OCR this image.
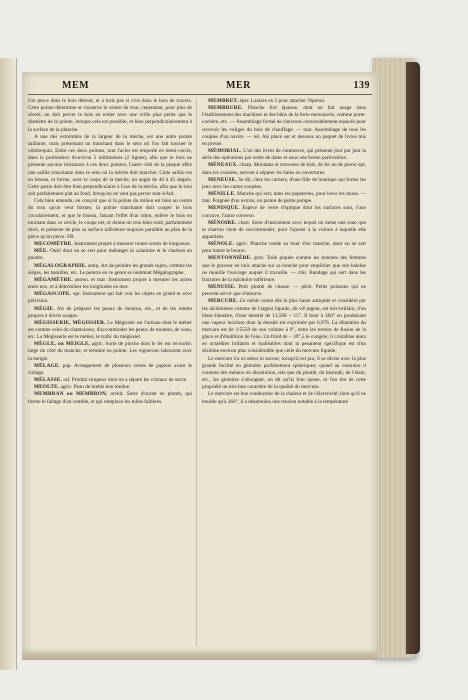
MEM	MER	139

l'on perce dans le bois debout, et à trois pas si c'est dans le bois de travers. Cette pointe détermine et conserve le centre du trou; cependant, pour plus de sûreté, on doit percer le bois en entier avec une vrille plus petite que le diamètre de la pointe, lorsque cela est possible, et bien perpendiculairement à la surface de la planche.

A une des extrémités de la largeur de la mèche, est une autre pointe saillante, mais présentant un tranchant dans le sens où l'on fait tourner le vilebrequin. Entre ces deux pointes, tout l'acier est emporté en demi-cercle, dans la profondeur d'environ 5 millimètres (2 lignes), afin que le bois ne présente aucune résistance à ces deux pointes; l'autre côté de la plaque offre une saillie tranchante dans le sens où la mèche doit marcher. Cette saillie est en biseau, et forme, avec le corps de la mèche, un angle de 40 à 45 degrés. Cette partie doit être bien perpendiculaire à l'axe de la mèche, afin que le trou soit parfaitement plat au fond, lorsqu'on ne veut pas percer tout-à-fait.

Cela bien entendu, on conçoit que si la pointe du milieu est bien au centre du trou qu'on veut former, la pointe tranchante doit couper le bois circulairement, et que le biseau, faisant l'effet d'un rabot, enlève le bois en tournant dans ce cercle, le coupe net, et donne un trou bien rond, parfaitement droit, et présente de plus sa surface inférieure toujours parallèle au plan de la pièce qu'on perce. FR.

MECOMÈTRE. Instrument propre à mesurer toutes sortes de longueurs.

MÉE. Outil dont on se sert pour mélanger la calamine et le charbon en poudre.

MÉGALOGRAPHIE. antiq. Art de peindre les grands sujets, comme les sièges, les batailles, etc. Le peintre en ce genre se nommait Mégalographe.

MÉGAMÈTRE. astron. et mar. Instrument propre à mesurer les astres entre eux, et à déterminer les longitudes en mer.

MÉGASCOPE. opt. Instrument qui fait voir les objets en grand et avec précision.

MÉGIE. Art de préparer les peaux de mouton, etc., et de les rendre propres à divers usages.

MÉGISSERIE, MÉGISSIER. Le Mégissier est l'artisan dont le métier est comme celui du chamoiseur, d'accommoder les peaux de mouton, de veau, etc. La Mégisserie est le métier, le trafic du mégissier.

MÉGLE, ou MEIGLE. agric. Sorte de pioche dont le fer est recourbé, large du côté du manche, et terminé en pointe. Les vignerons labourent avec la meigle.

MÉLAGE. pap. Arrangement de plusieurs sortes de papiers avant le collage.

MÉLASSE. raf. Produit sirupeux dont on a séparé les cristaux de sucre.

MEOLTE. agric. Peau de brebis non tondue.

MEMBRAN ou MEMBRON. archit. Sorte d'ourlet en plomb, qui forme le faîtage d'un comble, et qui remplace les tuiles faîtières.

MEMBRET. éper. Lanière en 5 pour attacher l'éperon.

MEMBRURE. Planche fort épaisse, dont on fait usage dans l'établissement des machines et des bâtis de la forte menuiserie, comme porte-cochère, etc. — Assemblage formé de chevrons convenablement espacés pour recevoir les voliges du bois de chauffage. — mar. Assemblage de tous les couples d'un navire. — rel. Ais placé sur et dessous un paquet de livres mis en presse.

MÉMORIAL. L'un des livres de commerce, qui présente jour par jour la série des opérations par ordre de dates et sous une forme particulière.

MÉNEAUX. charp. Montants et traverses de bois, de fer ou de pierre qui, dans les croisées, servent à séparer les baies ou ouvertures.

MENEUSE. Se dit, chez les cartiers, d'une fille de boutique qui forme les jeux avec les cartes coupées.

MÉNILLE. Manche qui sert, dans les papeteries, pour lever les mises. — mar. Poignée d'un aviron, ou piston de petite pompe.

MENISQUE. Espèce de verre d'optique dont les surfaces sont, l'une concave, l'autre convexe.

MÉNOIRE. charr. Sorte d'instrument avec lequel on mène une roue que le charron vient de raccommoder, pour l'ajuster à la voiture à laquelle elle appartient.

MÉNOLE. agric. Planche ronde au bout d'un manche, dont on se sert pour battre le beurre.

MENTONNIÈRE. grav. Toile piquée comme les bonnets des femmes que le graveur en bois attache sur sa bouche pour empêcher que son haleine ne mouille l'ouvrage auquel il travaille. — chir. Bandage qui sert dans les fractures de la mâchoire inférieure.

MENUISE. Petit plomb de chasse. — pêch. Petits poissons qui ne peuvent servir que d'amorce.

MERCURE. Ce métal connu dès la plus haute antiquité et considéré par les alchimistes comme de l'argent liquide, du vif-argent, est très-brillant, d'un blanc-bleuâtre, d'une densité de 13,568 + 15°. Il bout à 360° en produisant une vapeur incolore dont la densité est exprimée par 6,976. La dilatation du mercure est de 1/5550 de son volume à 0°, entre les termes de fusion de la glace et d'ébullition de l'eau. Un froid de − 39°,5 le congèle; il cristallise alors en octaèdres brillants et malléables dont la pesanteur spécifique est d'un dixième environ plus considérable que celle du mercure liquide.

Le mercure n'a ni odeur ni saveur; lorsqu'il est pur, il se divise avec la plus grande facilité en globules parfaitement sphériques; quand au contraire il contient des métaux en dissolution, tels que du plomb, du bismuth, de l'étain, etc., les globules s'allongent, on dit qu'ils font queue, et l'on tire de cette propriété un très-bon caractère de la qualité du mercure.

Le mercure est bon conducteur de la chaleur et de l'électricité; bien qu'il ne bouille qu'à 360°, il a néanmoins une tension notable à la température
